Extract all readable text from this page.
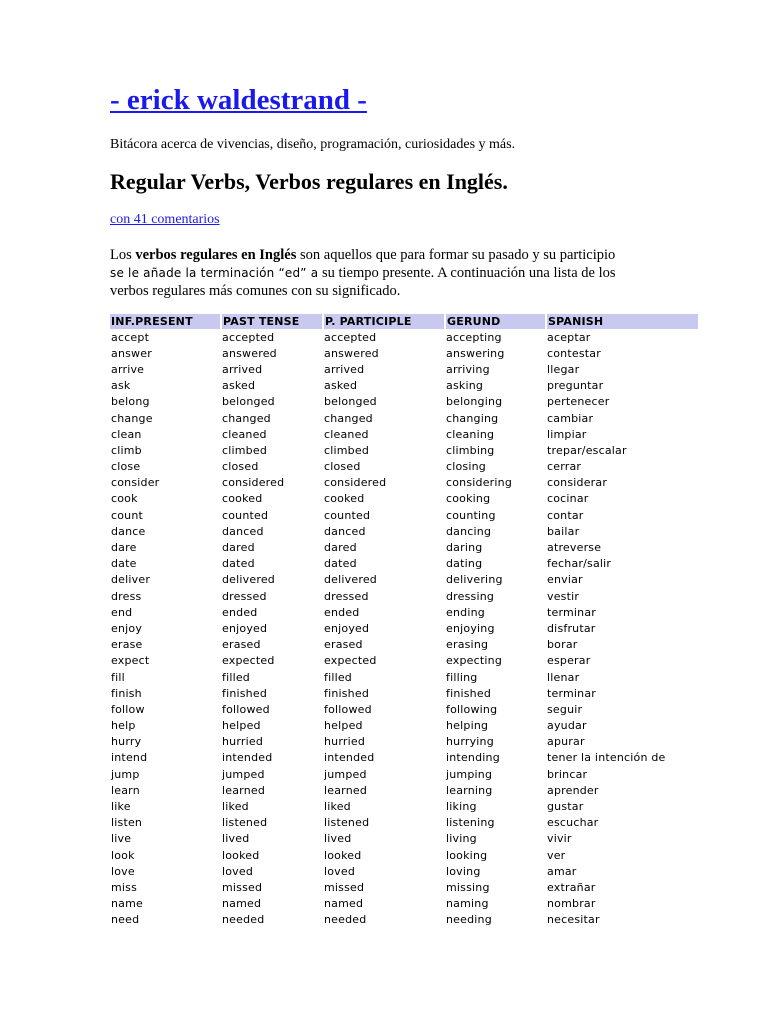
- erick waldestrand -
Bitácora acerca de vivencias, diseño, programación, curiosidades y más.
Regular Verbs, Verbos regulares en Inglés.
con 41 comentarios
Los verbos regulares en Inglés son aquellos que para formar su pasado y su participio
se le añade la terminación “ed” a su tiempo presente. A continuación una lista de los
verbos regulares más comunes con su significado.
INF.PRESENT	PAST TENSE	P. PARTICIPLE	GERUND	SPANISH
accept	accepted	accepted	accepting	aceptar
answer	answered	answered	answering	contestar
arrive	arrived	arrived	arriving	llegar
ask	asked	asked	asking	preguntar
belong	belonged	belonged	belonging	pertenecer
change	changed	changed	changing	cambiar
clean	cleaned	cleaned	cleaning	limpiar
climb	climbed	climbed	climbing	trepar/escalar
close	closed	closed	closing	cerrar
consider	considered	considered	considering	considerar
cook	cooked	cooked	cooking	cocinar
count	counted	counted	counting	contar
dance	danced	danced	dancing	bailar
dare	dared	dared	daring	atreverse
date	dated	dated	dating	fechar/salir
deliver	delivered	delivered	delivering	enviar
dress	dressed	dressed	dressing	vestir
end	ended	ended	ending	terminar
enjoy	enjoyed	enjoyed	enjoying	disfrutar
erase	erased	erased	erasing	borar
expect	expected	expected	expecting	esperar
fill	filled	filled	filling	llenar
finish	finished	finished	finished	terminar
follow	followed	followed	following	seguir
help	helped	helped	helping	ayudar
hurry	hurried	hurried	hurrying	apurar
intend	intended	intended	intending	tener la intención de
jump	jumped	jumped	jumping	brincar
learn	learned	learned	learning	aprender
like	liked	liked	liking	gustar
listen	listened	listened	listening	escuchar
live	lived	lived	living	vivir
look	looked	looked	looking	ver
love	loved	loved	loving	amar
miss	missed	missed	missing	extrañar
name	named	named	naming	nombrar
need	needed	needed	needing	necesitar
